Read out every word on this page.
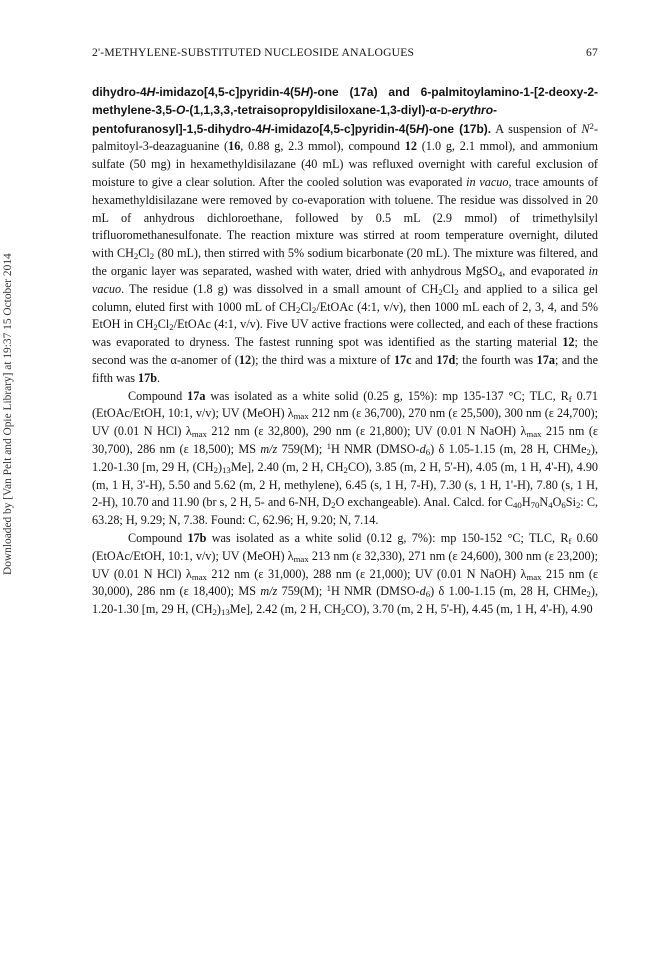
2'-METHYLENE-SUBSTITUTED NUCLEOSIDE ANALOGUES	67
Downloaded by [Van Pelt and Opie Library] at 19:37 15 October 2014

dihydro-4H-imidazo[4,5-c]pyridin-4(5H)-one (17a) and 6-palmitoylamino-1-[2-deoxy-2-methylene-3,5-O-(1,1,3,3,-tetraisopropyldisiloxane-1,3-diyl)-α-D-erythro-pentofuranosyl]-1,5-dihydro-4H-imidazo[4,5-c]pyridin-4(5H)-one (17b). A suspension of $N^2-palmitoyl-3$-deazaguanine (16, 0.88 g, 2.3 mmol), compound 12 (1.0 g, 2.1 mmol), and ammonium sulfate (50 mg) in hexamethyldisilazane (40 mL) was refluxed overnight with careful exclusion of moisture to give a clear solution. After the cooled solution was evaporated in vacuo, trace amounts of hexamethyldisilazane were removed by co-evaporation with toluene. The residue was dissolved in 20 mL of anhydrous dichloroethane, followed by 0.5 mL (2.9 mmol) of trimethylsilyl trifluoromethanesulfonate. The reaction mixture was stirred at room temperature overnight, diluted with $CH_2Cl_2$ (80 mL), then stirred with 5% sodium bicarbonate (20 mL). The mixture was filtered, and the organic layer was separated, washed with water, dried with anhydrous MgSO$_4$, and evaporated in vacuo. The residue (1.8 g) was dissolved in a small amount of $CH_2Cl_2$ and applied to a silica gel column, eluted first with 1000 mL of $CH_2Cl_2$/EtOAc (4:1, v/v), then 1000 mL each of 2, 3, 4, and 5% EtOH in $CH_2Cl_2$/EtOAc (4:1, v/v). Five UV active fractions were collected, and each of these fractions was evaporated to dryness. The fastest running spot was identified as the starting material 12; the second was the α-anomer of (12); the third was a mixture of 17c and 17d; the fourth was 17a; and the fifth was 17b.

Compound 17a was isolated as a white solid (0.25 g, 15%): mp 135-137 °C; TLC, $R_f$ 0.71 (EtOAc/EtOH, 10:1, v/v); UV (MeOH) $\lambda_{max}$ 212 nm (ε 36,700), 270 nm (ε 25,500), 300 nm (ε 24,700); UV (0.01 N HCl) $\lambda_{max}$ 212 nm (ε 32,800), 290 nm (ε 21,800); UV (0.01 N NaOH) $\lambda_{max}$ 215 nm (ε 30,700), 286 nm (ε 18,500); MS m/z 759(M); $^1$H NMR $(DMSO-d_6)$ δ 1.05-1.15 (m, 28 H, CHMe$_2$), 1.20-1.30 [m, 29 H, $(CH_2)_{13}Me$], 2.40 (m, 2 H, $CH_2CO$), 3.85 (m, 2 H, 5'-H), 4.05 (m, 1 H, 4'-H), 4.90 (m, 1 H, 3'-H), 5.50 and 5.62 (m, 2 H, methylene), 6.45 (s, 1 H, 7-H), 7.30 (s, 1 H, 1'-H), 7.80 (s, 1 H, 2-H), 10.70 and 11.90 (br s, 2 H, 5- and 6-NH, $D_2O$ exchangeable). Anal. Calcd. for $C_{40}H_{70}N_4O_6Si_2$: C, 63.28; H, 9.29; N, 7.38. Found: C, 62.96; H, 9.20; N, 7.14.

Compound 17b was isolated as a white solid (0.12 g, 7%): mp 150-152 °C; TLC, $R_f$ 0.60 (EtOAc/EtOH, 10:1, v/v); UV (MeOH) $\lambda_{max}$ 213 nm (ε 32,330), 271 nm (ε 24,600), 300 nm (ε 23,200); UV (0.01 N HCl) $\lambda_{max}$ 212 nm (ε 31,000), 288 nm (ε 21,000); UV (0.01 N NaOH) $\lambda_{max}$ 215 nm (ε 30,000), 286 nm (ε 18,400); MS m/z 759(M); $^1$H NMR $(DMSO-d_6)$ δ 1.00-1.15 (m, 28 H, CHMe$_2$), 1.20-1.30 [m, 29 H, $(CH_2)_{13}Me$], 2.42 (m, 2 H, $CH_2CO$), 3.70 (m, 2 H, 5'-H), 4.45 (m, 1 H, 4'-H), 4.90
